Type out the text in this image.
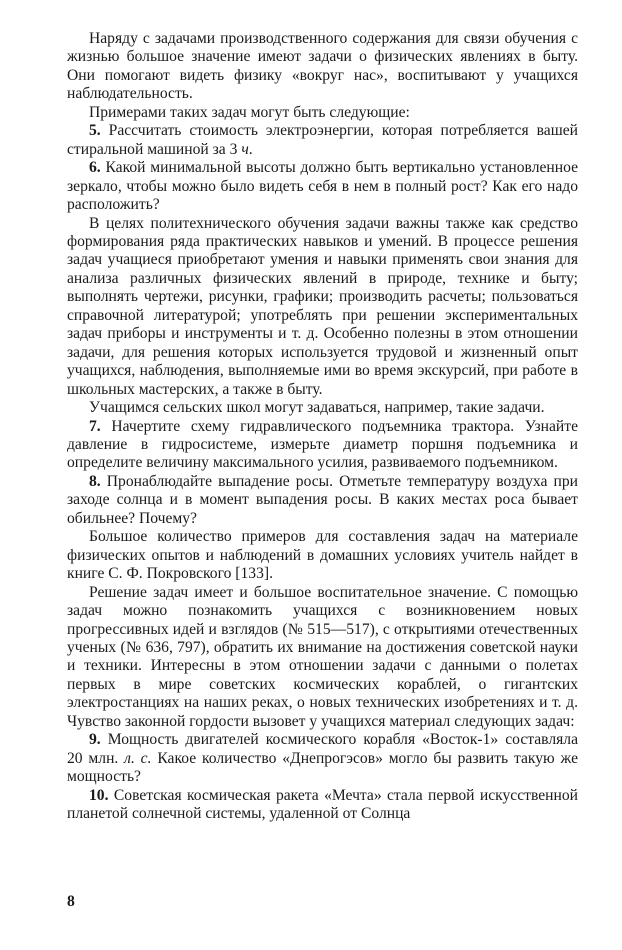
Наряду с задачами производственного содержания для связи обучения с жизнью большое значение имеют задачи о физических явлениях в быту. Они помогают видеть физику «вокруг нас», воспитывают у учащихся наблюдательность.

Примерами таких задач могут быть следующие:

5. Рассчитать стоимость электроэнергии, которая потребляется вашей стиральной машиной за 3 ч.

6. Какой минимальной высоты должно быть вертикально установленное зеркало, чтобы можно было видеть себя в нем в полный рост? Как его надо расположить?

В целях политехнического обучения задачи важны также как средство формирования ряда практических навыков и умений. В процессе решения задач учащиеся приобретают умения и навыки применять свои знания для анализа различных физических явлений в природе, технике и быту; выполнять чертежи, рисунки, графики; производить расчеты; пользоваться справочной литературой; употреблять при решении экспериментальных задач приборы и инструменты и т. д. Особенно полезны в этом отношении задачи, для решения которых используется трудовой и жизненный опыт учащихся, наблюдения, выполняемые ими во время экскурсий, при работе в школьных мастерских, а также в быту.

Учащимся сельских школ могут задаваться, например, такие задачи.

7. Начертите схему гидравлического подъемника трактора. Узнайте давление в гидросистеме, измерьте диаметр поршня подъемника и определите величину максимального усилия, развиваемого подъемником.

8. Пронаблюдайте выпадение росы. Отметьте температуру воздуха при заходе солнца и в момент выпадения росы. В каких местах роса бывает обильнее? Почему?

Большое количество примеров для составления задач на материале физических опытов и наблюдений в домашних условиях учитель найдет в книге С. Ф. Покровского [133].

Решение задач имеет и большое воспитательное значение. С помощью задач можно познакомить учащихся с возникновением новых прогрессивных идей и взглядов (№ 515—517), с открытиями отечественных ученых (№ 636, 797), обратить их внимание на достижения советской науки и техники. Интересны в этом отношении задачи с данными о полетах первых в мире советских космических кораблей, о гигантских электростанциях на наших реках, о новых технических изобретениях и т. д. Чувство законной гордости вызовет у учащихся материал следующих задач:

9. Мощность двигателей космического корабля «Восток-1» составляла 20 млн. л. с. Какое количество «Днепрогэсов» могло бы развить такую же мощность?

10. Советская космическая ракета «Мечта» стала первой искусственной планетой солнечной системы, удаленной от Солнца

8
